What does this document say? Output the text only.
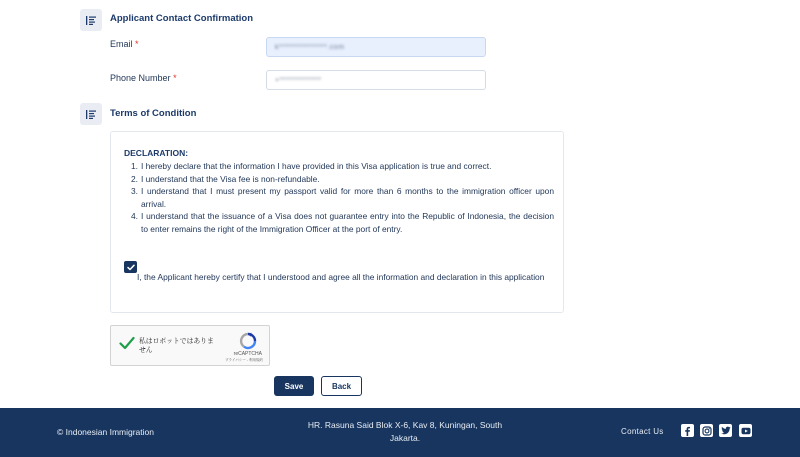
Applicant Contact Confirmation
Email *	k***************.com
Phone Number *	+*************
Terms of Condition
DECLARATION:
1. I hereby declare that the information I have provided in this Visa application is true and correct.
2. I understand that the Visa fee is non-refundable.
3. I understand that I must present my passport valid for more than 6 months to the immigration officer upon arrival.
4. I understand that the issuance of a Visa does not guarantee entry into the Republic of Indonesia, the decision to enter remains the right of the Immigration Officer at the port of entry.
I, the Applicant hereby certify that I understood and agree all the information and declaration in this application
私はロボットではありません	reCAPTCHA
プライバシー - 利用規約
Save	Back
© Indonesian Immigration
HR. Rasuna Said Blok X-6, Kav 8, Kuningan, South Jakarta.
Contact Us
